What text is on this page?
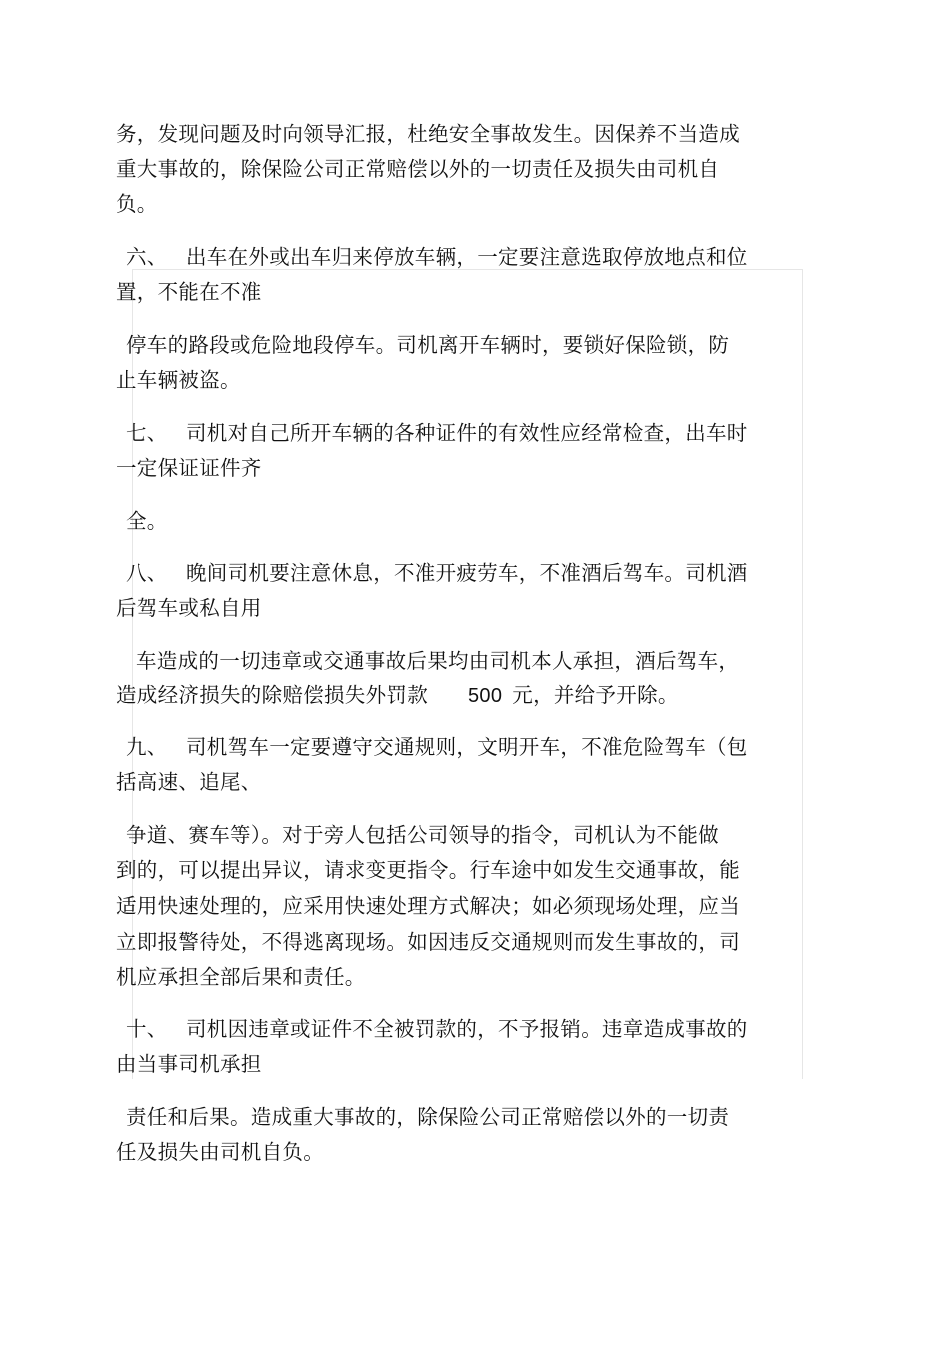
务，发现问题及时向领导汇报，杜绝安全事故发生。因保养不当造成
重大事故的，除保险公司正常赔偿以外的一切责任及损失由司机自
负。
六、 出车在外或出车归来停放车辆，一定要注意选取停放地点和位
置，不能在不准
停车的路段或危险地段停车。司机离开车辆时，要锁好保险锁，防
止车辆被盗。
七、 司机对自己所开车辆的各种证件的有效性应经常检查，出车时
一定保证证件齐
全。
八、 晚间司机要注意休息，不准开疲劳车，不准酒后驾车。司机酒
后驾车或私自用
车造成的一切违章或交通事故后果均由司机本人承担，酒后驾车，
造成经济损失的除赔偿损失外罚款 500 元，并给予开除。
九、 司机驾车一定要遵守交通规则，文明开车，不准危险驾车（包
括高速、追尾、
争道、赛车等）。对于旁人包括公司领导的指令，司机认为不能做
到的，可以提出异议，请求变更指令。行车途中如发生交通事故，能
适用快速处理的，应采用快速处理方式解决；如必须现场处理，应当
立即报警待处，不得逃离现场。如因违反交通规则而发生事故的，司
机应承担全部后果和责任。
十、 司机因违章或证件不全被罚款的，不予报销。违章造成事故的
由当事司机承担
责任和后果。造成重大事故的，除保险公司正常赔偿以外的一切责
任及损失由司机自负。
